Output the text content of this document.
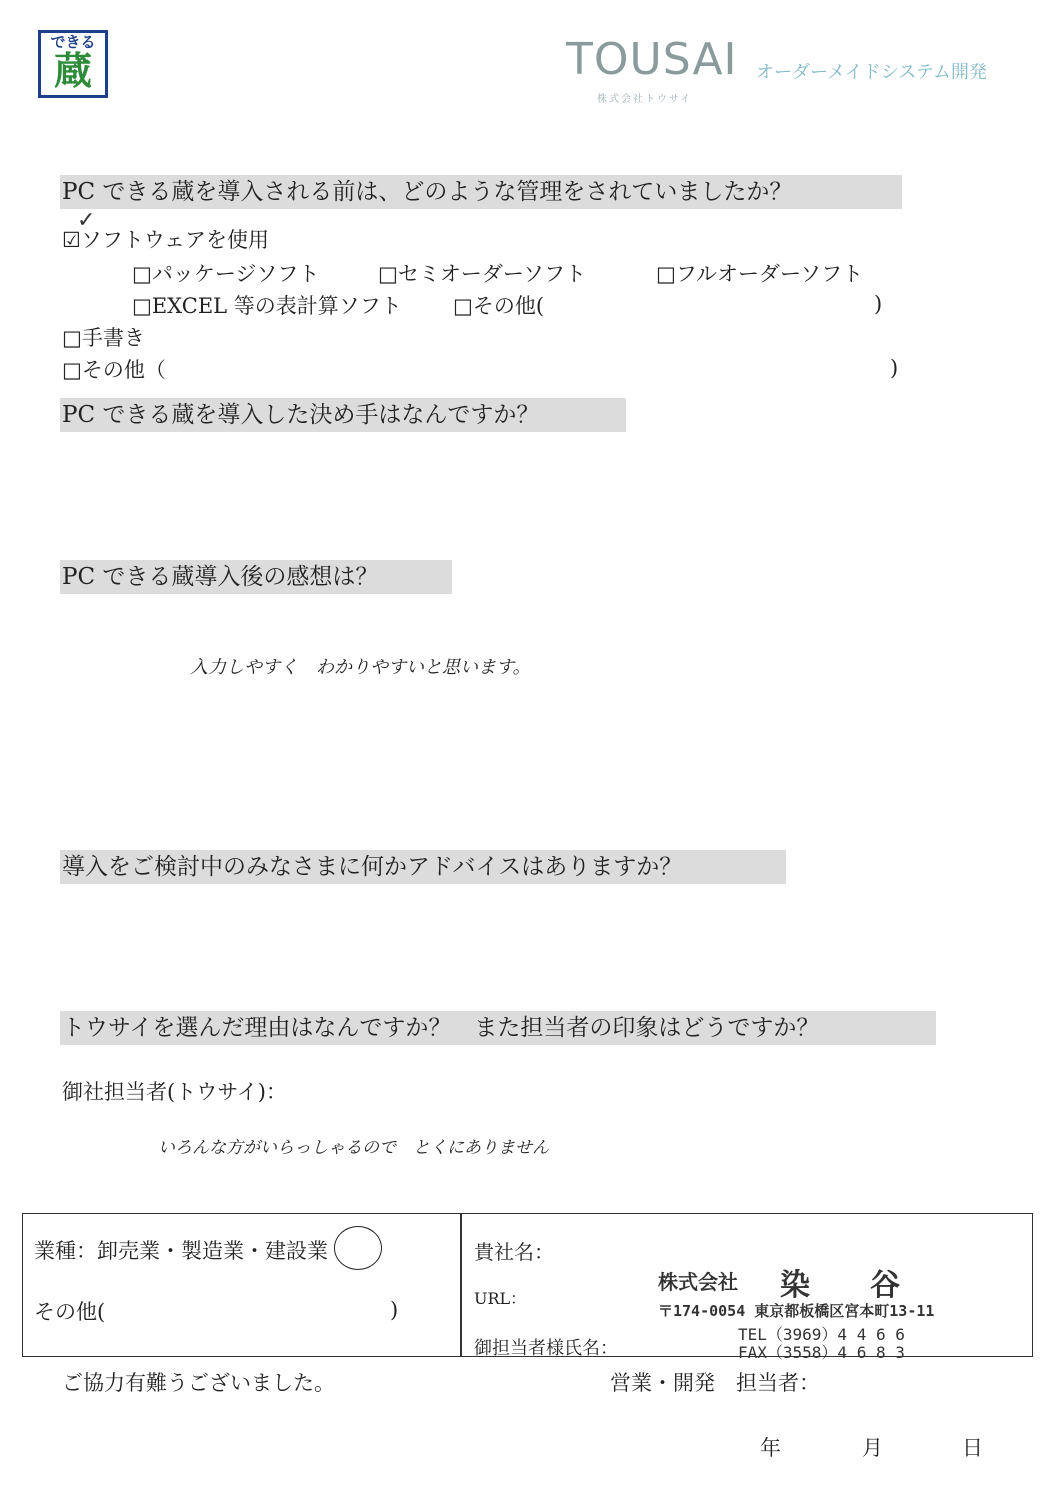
できる
蔵	TOUSAI オーダーメイドシステム開発
株式会社トウサイ
PC できる蔵を導入される前は、どのような管理をされていましたか？
✓
☑ソフトウェアを使用
□パッケージソフト	□セミオーダーソフト	□フルオーダーソフト
□EXCEL 等の表計算ソフト □その他(	)
□手書き
□その他（	)
PC できる蔵を導入した決め手はなんですか？
PC できる蔵導入後の感想は？
入力しやすく　わかりやすいと思います。
導入をご検討中のみなさまに何かアドバイスはありますか？
トウサイを選んだ理由はなんですか？　また担当者の印象はどうですか？
御社担当者(トウサイ)：
いろんな方がいらっしゃるので　とくにありません
業種：卸売業・製造業・建設業
その他(	)
貴社名：
URL：
御担当者様氏名：
株式会社 染　　谷
〒174-0054 東京都板橋区宮本町13-11
TEL（3969）4 4 6 6
FAX（3558）4 6 8 3
ご協力有難うございました。	営業・開発　担当者：
年	月	日
